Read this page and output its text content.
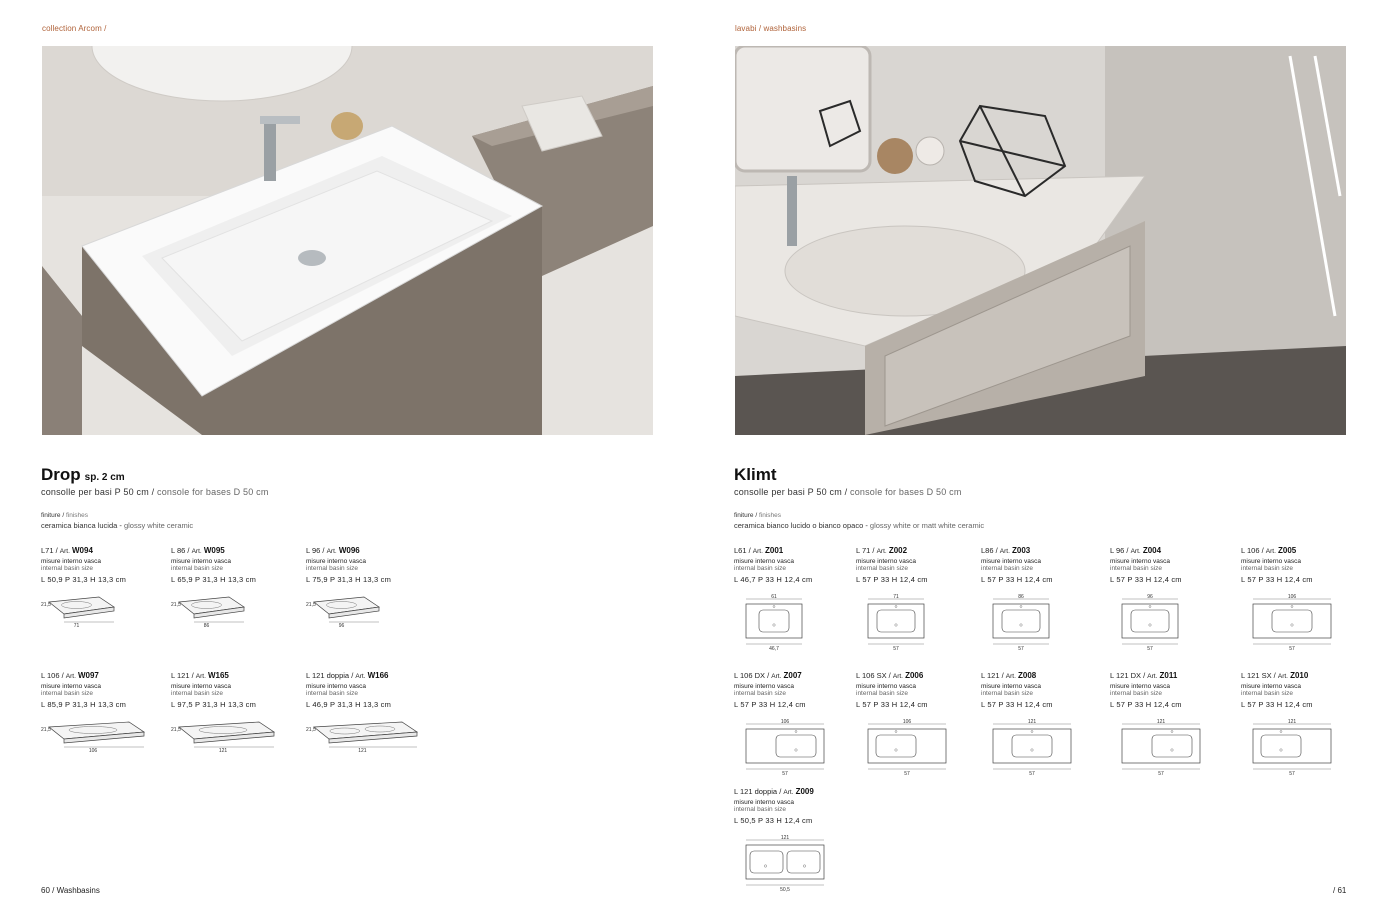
collection Arcom /
Drop sp. 2 cm
consolle per basi P 50 cm / console for bases D 50 cm
finiture / finishes
ceramica bianca lucida - glossy white ceramic
L71 / Art. W094
misure interno vasca
internal basin size
L 50,9 P 31,3 H 13,3 cm
21,5
71
L 86 / Art. W095
misure interno vasca
internal basin size
L 65,9 P 31,3 H 13,3 cm
21,5
86
L 96 / Art. W096
misure interno vasca
internal basin size
L 75,9 P 31,3 H 13,3 cm
21,5
96
L 106 / Art. W097
misure interno vasca
internal basin size
L 85,9 P 31,3 H 13,3 cm
21,5
106
L 121 / Art. W165
misure interno vasca
internal basin size
L 97,5 P 31,3 H 13,3 cm
21,5
121
L 121 doppia / Art. W166
misure interno vasca
internal basin size
L 46,9 P 31,3 H 13,3 cm
21,5
121
60 / Washbasins
lavabi / washbasins
Klimt
consolle per basi P 50 cm / console for bases D 50 cm
finiture / finishes
ceramica bianco lucido o bianco opaco - glossy white or matt white ceramic
L61 / Art. Z001
misure interno vasca
internal basin size
L 46,7 P 33 H 12,4 cm
61
46,7
L 71 / Art. Z002
misure interno vasca
internal basin size
L 57 P 33 H 12,4 cm
71
57
L86 / Art. Z003
misure interno vasca
internal basin size
L 57 P 33 H 12,4 cm
86
57
L 96 / Art. Z004
misure interno vasca
internal basin size
L 57 P 33 H 12,4 cm
96
57
L 106 / Art. Z005
misure interno vasca
internal basin size
L 57 P 33 H 12,4 cm
106
57
L 106 DX / Art. Z007
misure interno vasca
internal basin size
L 57 P 33 H 12,4 cm
106
57
L 106 SX / Art. Z006
misure interno vasca
internal basin size
L 57 P 33 H 12,4 cm
106
57
L 121 / Art. Z008
misure interno vasca
internal basin size
L 57 P 33 H 12,4 cm
121
57
L 121 DX / Art. Z011
misure interno vasca
internal basin size
L 57 P 33 H 12,4 cm
121
57
L 121 SX / Art. Z010
misure interno vasca
internal basin size
L 57 P 33 H 12,4 cm
121
57
L 121 doppia / Art. Z009
misure interno vasca
internal basin size
L 50,5 P 33 H 12,4 cm
121
50,5	/ 61
